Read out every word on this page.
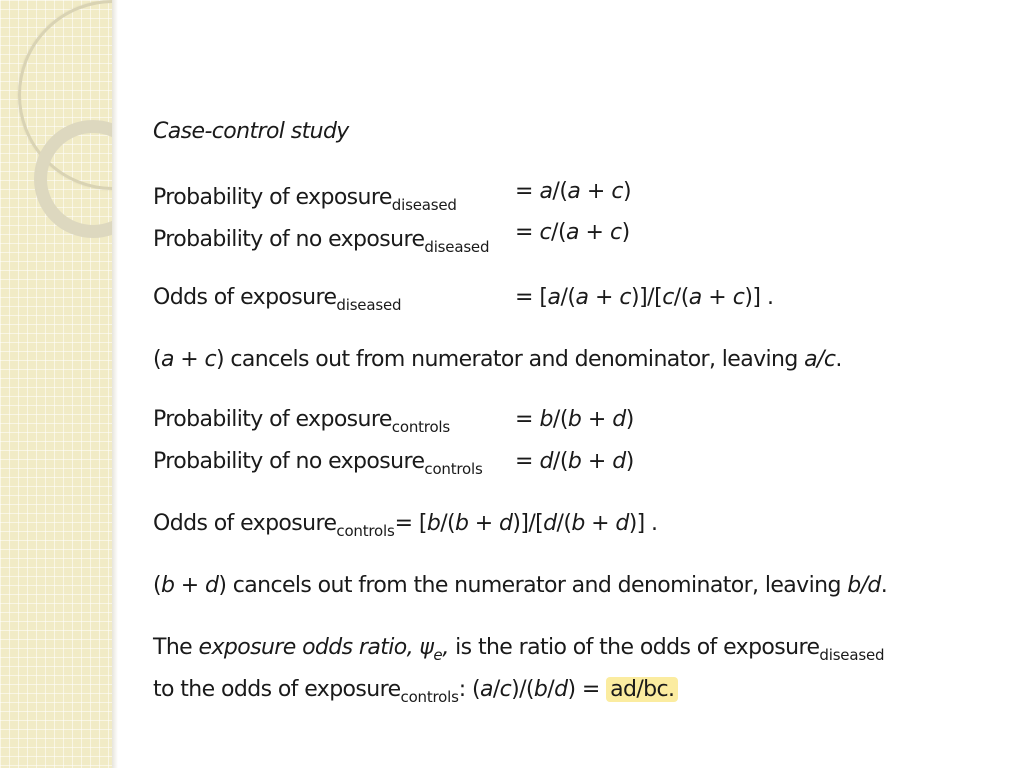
Case-control study
Probability of exposure$_{diseased}$
= a/(a + c)
Probability of no exposure$_{diseased}$
= c/(a + c)
Odds of exposure$_{diseased}$	= [a/(a + c)]/[c/(a + c)] .
(a + c) cancels out from numerator and denominator, leaving a/c.
Probability of exposure$_{controls}$	= b/(b + d)
Probability of no exposure$_{controls}$ = d/(b + d)
Odds of exposure$_{controls}$= [b/(b + d)]/[d/(b + d)] .
(b + d) cancels out from the numerator and denominator, leaving b/d.
The exposure odds ratio, $\psi_e$, is the ratio of the odds of exposure$_{diseased}$
to the odds of exposure$_{controls}$: (a/c)/(b/d) = ad/bc.
